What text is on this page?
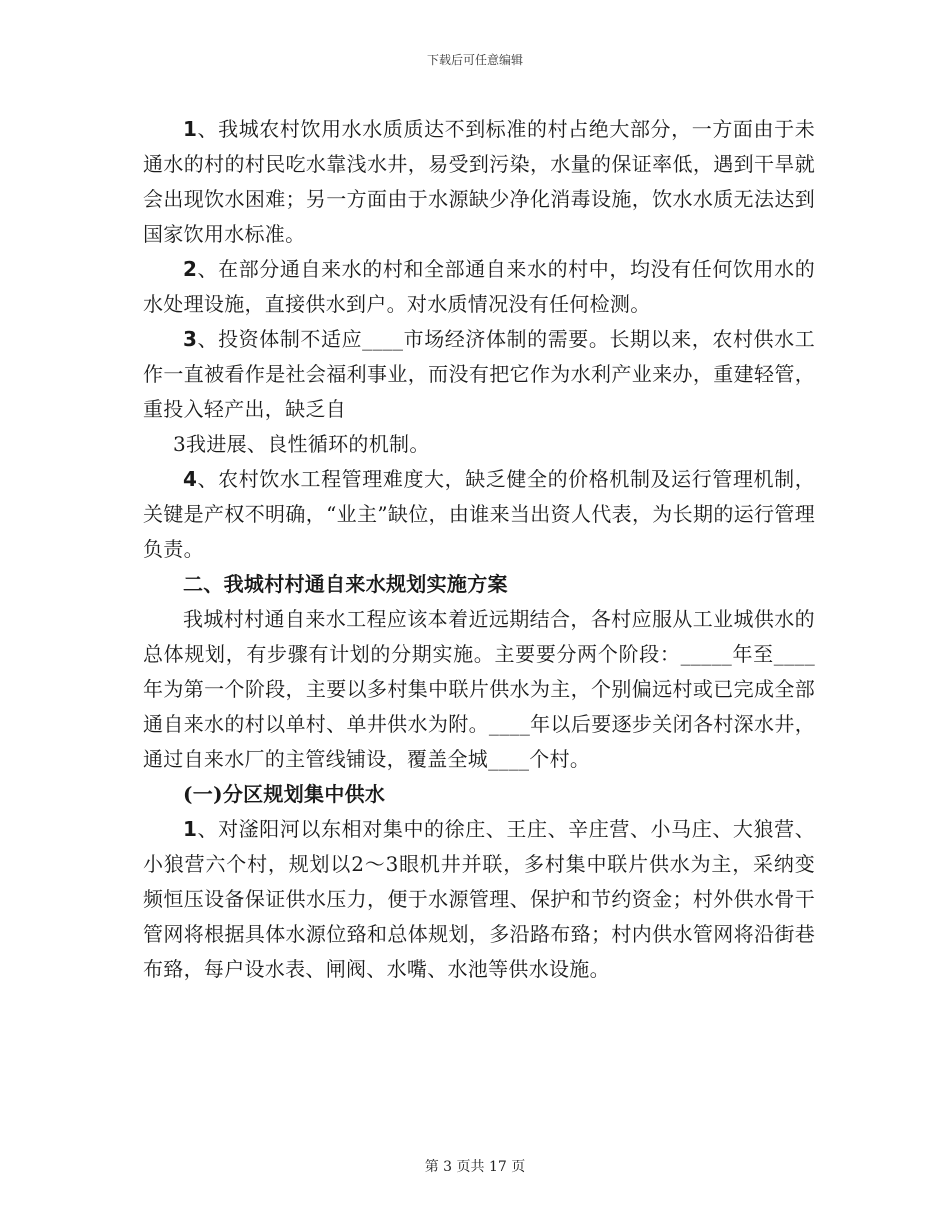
下载后可任意编辑

1、我城农村饮用水水质质达不到标准的村占绝大部分，一方面由于未通水的村的村民吃水靠浅水井，易受到污染，水量的保证率低，遇到干旱就会出现饮水困难；另一方面由于水源缺少净化消毒设施，饮水水质无法达到国家饮用水标准。

2、在部分通自来水的村和全部通自来水的村中，均没有任何饮用水的水处理设施，直接供水到户。对水质情况没有任何检测。

3、投资体制不适应____市场经济体制的需要。长期以来，农村供水工作一直被看作是社会福利事业，而没有把它作为水利产业来办，重建轻管，重投入轻产出，缺乏自

3我进展、良性循环的机制。

4、农村饮水工程管理难度大，缺乏健全的价格机制及运行管理机制，关键是产权不明确，“业主”缺位，由谁来当出资人代表，为长期的运行管理负责。

二、我城村村通自来水规划实施方案

我城村村通自来水工程应该本着近远期结合，各村应服从工业城供水的总体规划，有步骤有计划的分期实施。主要要分两个阶段：_____年至____年为第一个阶段，主要以多村集中联片供水为主，个别偏远村或已完成全部通自来水的村以单村、单井供水为附。____年以后要逐步关闭各村深水井，通过自来水厂的主管线铺设，覆盖全城____个村。

(一)分区规划集中供水

1、对滏阳河以东相对集中的徐庄、王庄、辛庄营、小马庄、大狼营、小狼营六个村，规划以2～3眼机井并联，多村集中联片供水为主，采纳变频恒压设备保证供水压力，便于水源管理、保护和节约资金；村外供水骨干管网将根据具体水源位臵和总体规划，多沿路布臵；村内供水管网将沿街巷布臵，每户设水表、闸阀、水嘴、水池等供水设施。

第 3 页共 17 页
